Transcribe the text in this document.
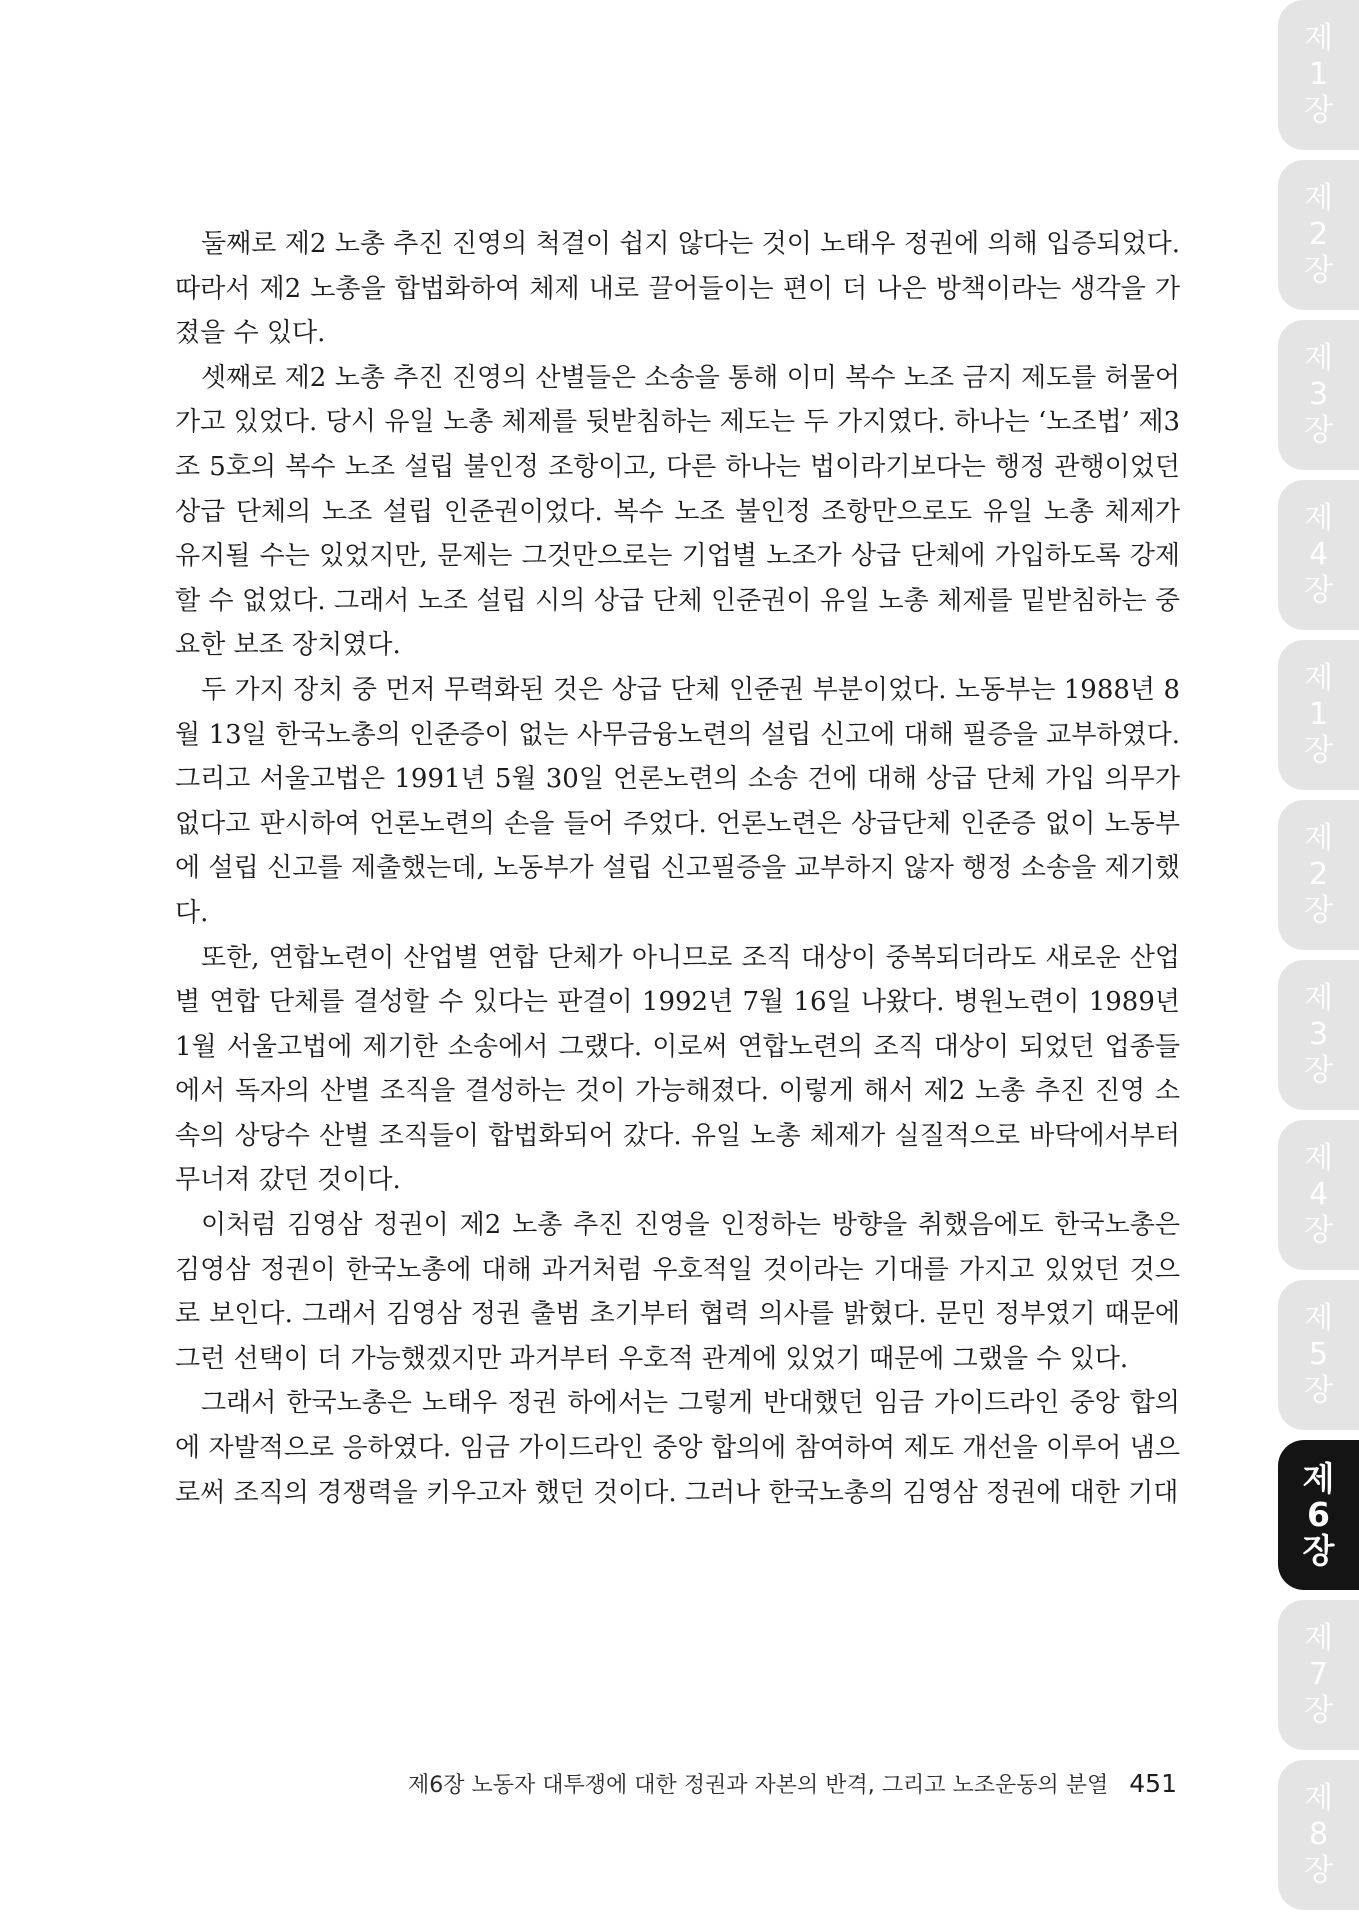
둘째로 제2 노총 추진 진영의 척결이 쉽지 않다는 것이 노태우 정권에 의해 입증되었다. 따라서 제2 노총을 합법화하여 체제 내로 끌어들이는 편이 더 나은 방책이라는 생각을 가졌을 수 있다.

셋째로 제2 노총 추진 진영의 산별들은 소송을 통해 이미 복수 노조 금지 제도를 허물어 가고 있었다. 당시 유일 노총 체제를 뒷받침하는 제도는 두 가지였다. 하나는 ‘노조법’ 제3조 5호의 복수 노조 설립 불인정 조항이고, 다른 하나는 법이라기보다는 행정 관행이었던 상급 단체의 노조 설립 인준권이었다. 복수 노조 불인정 조항만으로도 유일 노총 체제가 유지될 수는 있었지만, 문제는 그것만으로는 기업별 노조가 상급 단체에 가입하도록 강제할 수 없었다. 그래서 노조 설립 시의 상급 단체 인준권이 유일 노총 체제를 밑받침하는 중요한 보조 장치였다.

두 가지 장치 중 먼저 무력화된 것은 상급 단체 인준권 부분이었다. 노동부는 1988년 8월 13일 한국노총의 인준증이 없는 사무금융노련의 설립 신고에 대해 필증을 교부하였다. 그리고 서울고법은 1991년 5월 30일 언론노련의 소송 건에 대해 상급 단체 가입 의무가 없다고 판시하여 언론노련의 손을 들어 주었다. 언론노련은 상급단체 인준증 없이 노동부에 설립 신고를 제출했는데, 노동부가 설립 신고필증을 교부하지 않자 행정 소송을 제기했다.

또한, 연합노련이 산업별 연합 단체가 아니므로 조직 대상이 중복되더라도 새로운 산업별 연합 단체를 결성할 수 있다는 판결이 1992년 7월 16일 나왔다. 병원노련이 1989년 1월 서울고법에 제기한 소송에서 그랬다. 이로써 연합노련의 조직 대상이 되었던 업종들에서 독자의 산별 조직을 결성하는 것이 가능해졌다. 이렇게 해서 제2 노총 추진 진영 소속의 상당수 산별 조직들이 합법화되어 갔다. 유일 노총 체제가 실질적으로 바닥에서부터 무너져 갔던 것이다.

이처럼 김영삼 정권이 제2 노총 추진 진영을 인정하는 방향을 취했음에도 한국노총은 김영삼 정권이 한국노총에 대해 과거처럼 우호적일 것이라는 기대를 가지고 있었던 것으로 보인다. 그래서 김영삼 정권 출범 초기부터 협력 의사를 밝혔다. 문민 정부였기 때문에 그런 선택이 더 가능했겠지만 과거부터 우호적 관계에 있었기 때문에 그랬을 수 있다.

그래서 한국노총은 노태우 정권 하에서는 그렇게 반대했던 임금 가이드라인 중앙 합의에 자발적으로 응하였다. 임금 가이드라인 중앙 합의에 참여하여 제도 개선을 이루어 냄으로써 조직의 경쟁력을 키우고자 했던 것이다. 그러나 한국노총의 김영삼 정권에 대한 기대

제6장 노동자 대투쟁에 대한 정권과 자본의 반격, 그리고 노조운동의 분열 451
제
1
장
제
2
장
제
3
장
제
4
장
제
1
장
제
2
장
제
3
장
제
4
장
제
5
장
제
6
장
제
7
장
제
8
장
